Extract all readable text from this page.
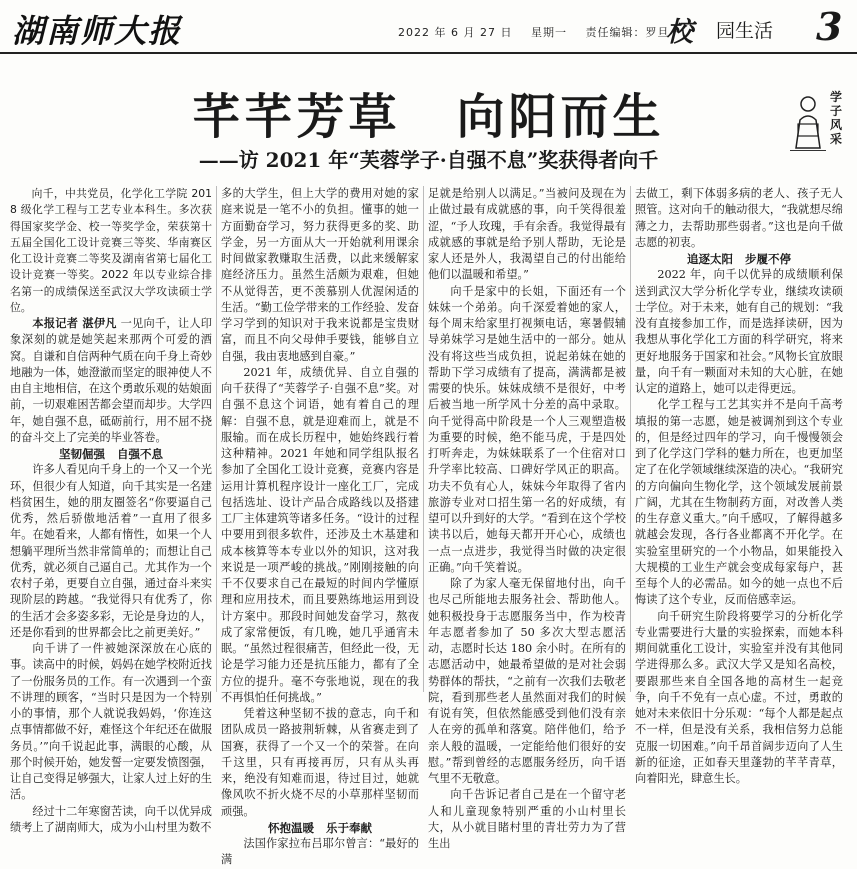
湖南师大报	2022 年 6 月 27 日 星期一 责任编辑：罗旦
校 园生活 3
芊芊芳草 向阳而生
——访 2021 年“芙蓉学子·自强不息”奖获得者向千
学子风采

向千，中共党员，化学化工学院 2018 级化学工程与工艺专业本科生。多次获得国家奖学金、校一等奖学金，荣获第十五届全国化工设计竞赛三等奖、华南赛区化工设计竞赛二等奖及湖南省第七届化工设计竞赛一等奖。2022 年以专业综合排名第一的成绩保送至武汉大学攻读硕士学位。

本报记者 湛伊凡 一见向千，让人印象深刻的就是她笑起来那两个可爱的酒窝。自谦和自信两种气质在向千身上奇妙地融为一体，她澄澈而坚定的眼神使人不由自主地相信，在这个勇敢乐观的姑娘面前，一切艰难困苦都会望而却步。大学四年，她自强不息，砥砺前行，用不屈不挠的奋斗交上了完美的毕业答卷。

坚韧倔强 自强不息

许多人看见向千身上的一个又一个光环，但很少有人知道，向千其实是一名建档贫困生，她的朋友圈签名“你要逼自己优秀，然后骄傲地活着”一直用了很多年。在她看来，人都有惰性，如果一个人想躺平理所当然非常简单的；而想让自己优秀，就必须自己逼自己。尤其作为一个农村子弟，更要自立自强，通过奋斗来实现阶层的跨越。“我觉得只有优秀了，你的生活才会多姿多彩，无论是身边的人，还是你看到的世界都会比之前更美好。”

向千讲了一件被她深深放在心底的事。读高中的时候，妈妈在她学校附近找了一份服务员的工作。有一次遇到一个蛮不讲理的顾客，“当时只是因为一个特别小的事情，那个人就说我妈妈，‘你连这点事情都做不好，难怪这个年纪还在做服务员。’”向千说起此事，满眼的心酸，从那个时候开始，她发誓一定要发愤图强，让自己变得足够强大，让家人过上好的生活。

经过十二年寒窗苦读，向千以优异成绩考上了湖南师大，成为小山村里为数不

多的大学生，但上大学的费用对她的家庭来说是一笔不小的负担。懂事的她一方面勤奋学习，努力获得更多的奖、助学金，另一方面从大一开始就利用课余时间做家教赚取生活费，以此来缓解家庭经济压力。虽然生活颇为艰难，但她不从觉得苦，更不羡慕别人优渥闲适的生活。“勤工俭学带来的工作经验、发奋学习学到的知识对于我来说都是宝贵财富，而且不向父母伸手要钱，能够自立自强，我由衷地感到自豪。”

2021 年，成绩优异、自立自强的向千获得了“芙蓉学子·自强不息”奖。对自强不息这个词语，她有着自己的理解：自强不息，就是迎难而上，就是不服输。而在成长历程中，她始终践行着这种精神。2021 年她和同学组队报名参加了全国化工设计竞赛，竞赛内容是运用计算机程序设计一座化工厂，完成包括选址、设计产品合成路线以及搭建工厂主体建筑等诸多任务。“设计的过程中要用到很多软件，还涉及土木基建和成本核算等本专业以外的知识，这对我来说是一项严峻的挑战。”刚刚接触的向千不仅要求自己在最短的时间内学懂原理和应用技术，而且要熟练地运用到设计方案中。那段时间她发奋学习，熬夜成了家常便饭，有几晚，她几乎通宵未眠。“虽然过程很痛苦，但经此一役，无论是学习能力还是抗压能力，都有了全方位的提升。毫不夸张地说，现在的我不再惧怕任何挑战。”

凭着这种坚韧不拔的意志，向千和团队成员一路披荆斩棘，从省赛走到了国赛，获得了一个又一个的荣誉。在向千这里，只有再接再厉，只有从头再来，绝没有知难而退，待过目过，她就像风吹不折火烧不尽的小草那样坚韧而顽强。

怀抱温暖 乐于奉献

法国作家拉布吕耶尔曾言：“最好的满

足就是给别人以满足。”当被问及现在为止做过最有成就感的事，向千笑得很羞涩，“予人玫瑰，手有余香。我觉得最有成就感的事就是给予别人帮助，无论是家人还是外人，我渴望自己的付出能给他们以温暖和希望。”

向千是家中的长姐，下面还有一个妹妹一个弟弟。向千深爱着她的家人，每个周末给家里打视频电话，寒暑假辅导弟妹学习是她生活中的一部分。她从没有将这些当成负担，说起弟妹在她的帮助下学习成绩有了提高，满满都是被需要的快乐。妹妹成绩不是很好，中考后被当地一所学风十分差的高中录取。向千觉得高中阶段是一个人三观塑造极为重要的时候，绝不能马虎，于是四处打听奔走，为妹妹联系了一个住宿对口升学率比较高、口碑好学风正的职高。功夫不负有心人，妹妹今年取得了省内旅游专业对口招生第一名的好成绩，有望可以升到好的大学。“看到在这个学校读书以后，她每天都开开心心，成绩也一点一点进步，我觉得当时做的决定很正确。”向千笑着说。

除了为家人毫无保留地付出，向千也尽己所能地去服务社会、帮助他人。她积极投身于志愿服务当中，作为校青年志愿者参加了 50 多次大型志愿活动，志愿时长达 180 余小时。在所有的志愿活动中，她最希望做的是对社会弱势群体的帮扶，“之前有一次我们去敬老院，看到那些老人虽然面对我们的时候有说有笑，但依然能感受到他们没有亲人在旁的孤单和落寞。陪伴他们，给予亲人般的温暖，一定能给他们很好的安慰。”帮到曾经的志愿服务经历，向千语气里不无敬意。

向千告诉记者自己是在一个留守老人和儿童现象特别严重的小山村里长大，从小就目睹村里的青壮劳力为了营生出

去做工，剩下体弱多病的老人、孩子无人照管。这对向千的触动很大，“我就想尽绵薄之力，去帮助那些弱者。”这也是向千做志愿的初衷。

追逐太阳 步履不停

2022 年，向千以优异的成绩顺利保送到武汉大学分析化学专业，继续攻读硕士学位。对于未来，她有自己的规划：“我没有直接参加工作，而是选择读研，因为我想从事化学化工方面的科学研究，将来更好地服务于国家和社会。”风物长宜放眼量，向千有一颗面对未知的大心脏，在她认定的道路上，她可以走得更远。

化学工程与工艺其实并不是向千高考填报的第一志愿，她是被调剂到这个专业的，但是经过四年的学习，向千慢慢领会到了化学这门学科的魅力所在，也更加坚定了在化学领域继续深造的决心。“我研究的方向偏向生物化学，这个领域发展前景广阔，尤其在生物制药方面，对改善人类的生存意义重大。”向千感叹，了解得越多就越会发现，各行各业都离不开化学。在实验室里研究的一个小物品，如果能投入大规模的工业生产就会变成每家每户，甚至每个人的必需品。如今的她一点也不后悔读了这个专业，反而倍感幸运。

向千研究生阶段将要学习的分析化学专业需要进行大量的实验探索，而她本科期间就重化工设计，实验室并没有其他同学进得那么多。武汉大学又是知名高校，要跟那些来自全国各地的高材生一起竞争，向千不免有一点心虚。不过，勇敢的她对未来依旧十分乐观：“每个人都是起点不一样，但是没有关系，我相信努力总能克服一切困难。”向千昂首阔步迈向了人生新的征途，正如春天里蓬勃的芊芊青草，向着阳光，肆意生长。
